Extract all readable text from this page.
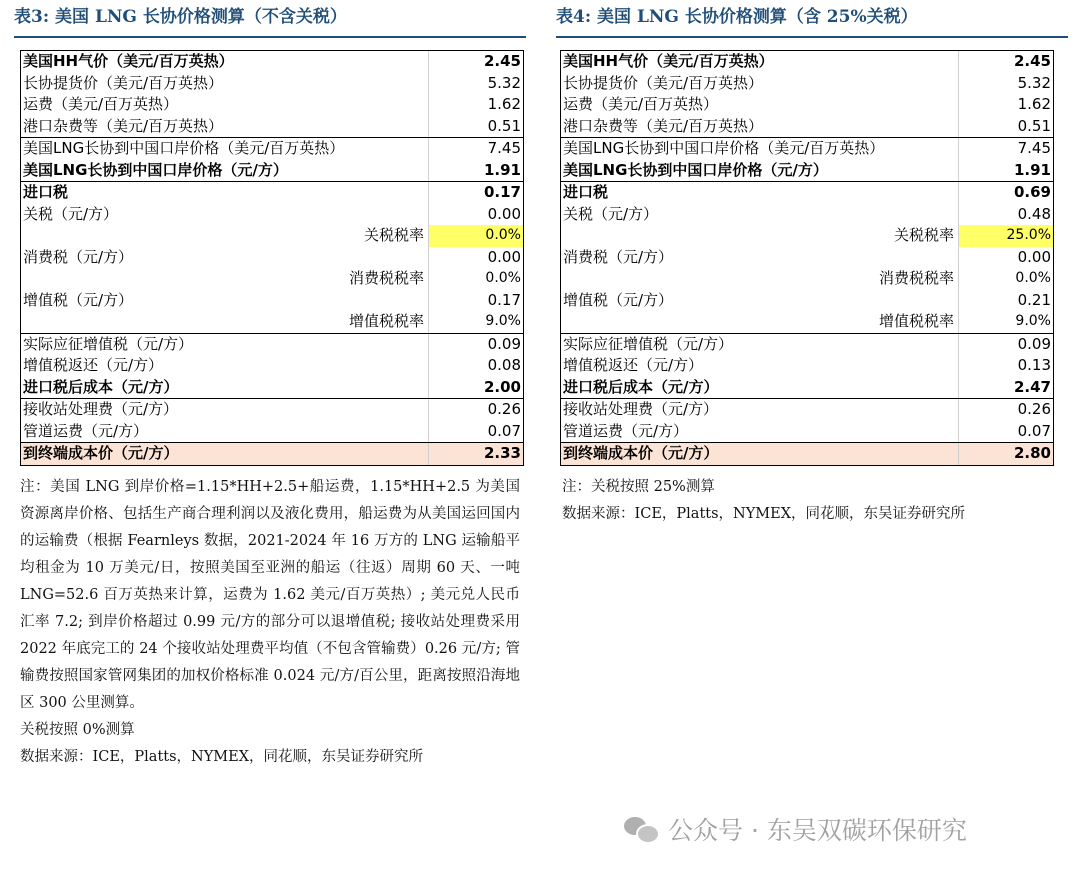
表3: 美国 LNG 长协价格测算（不含关税）
美国HH气价（美元/百万英热）	2.45
长协提货价（美元/百万英热）	5.32
运费（美元/百万英热）	1.62
港口杂费等（美元/百万英热）	0.51
美国LNG长协到中国口岸价格（美元/百万英热）	7.45
美国LNG长协到中国口岸价格（元/方）	1.91
进口税	0.17
关税（元/方）	0.00
关税税率	0.0%
消费税（元/方）	0.00
消费税税率	0.0%
增值税（元/方）	0.17
增值税税率	9.0%
实际应征增值税（元/方）	0.09
增值税返还（元/方）	0.08
进口税后成本（元/方）	2.00
接收站处理费（元/方）	0.26
管道运费（元/方）	0.07
到终端成本价（元/方）	2.33
注：美国 LNG 到岸价格=1.15*HH+2.5+船运费，1.15*HH+2.5 为美国资源离岸价格、包括生产商合理利润以及液化费用，船运费为从美国运回国内的运输费（根据 Fearnleys 数据，2021-2024 年 16 万方的 LNG 运输船平均租金为 10 万美元/日，按照美国至亚洲的船运（往返）周期 60 天、一吨 LNG=52.6 百万英热来计算，运费为 1.62 美元/百万英热）; 美元兑人民币汇率 7.2; 到岸价格超过 0.99 元/方的部分可以退增值税; 接收站处理费采用 2022 年底完工的 24 个接收站处理费平均值（不包含管输费）0.26 元/方; 管输费按照国家管网集团的加权价格标准 0.024 元/方/百公里，距离按照沿海地区 300 公里测算。
关税按照 0%测算
数据来源：ICE，Platts，NYMEX，同花顺，东吴证券研究所
表4: 美国 LNG 长协价格测算（含 25%关税）
美国HH气价（美元/百万英热）	2.45
长协提货价（美元/百万英热）	5.32
运费（美元/百万英热）	1.62
港口杂费等（美元/百万英热）	0.51
美国LNG长协到中国口岸价格（美元/百万英热）	7.45
美国LNG长协到中国口岸价格（元/方）	1.91
进口税	0.69
关税（元/方）	0.48
关税税率	25.0%
消费税（元/方）	0.00
消费税税率	0.0%
增值税（元/方）	0.21
增值税税率	9.0%
实际应征增值税（元/方）	0.09
增值税返还（元/方）	0.13
进口税后成本（元/方）	2.47
接收站处理费（元/方）	0.26
管道运费（元/方）	0.07
到终端成本价（元/方）	2.80
注：关税按照 25%测算
数据来源：ICE，Platts，NYMEX，同花顺，东吴证券研究所
公众号 · 东吴双碳环保研究
